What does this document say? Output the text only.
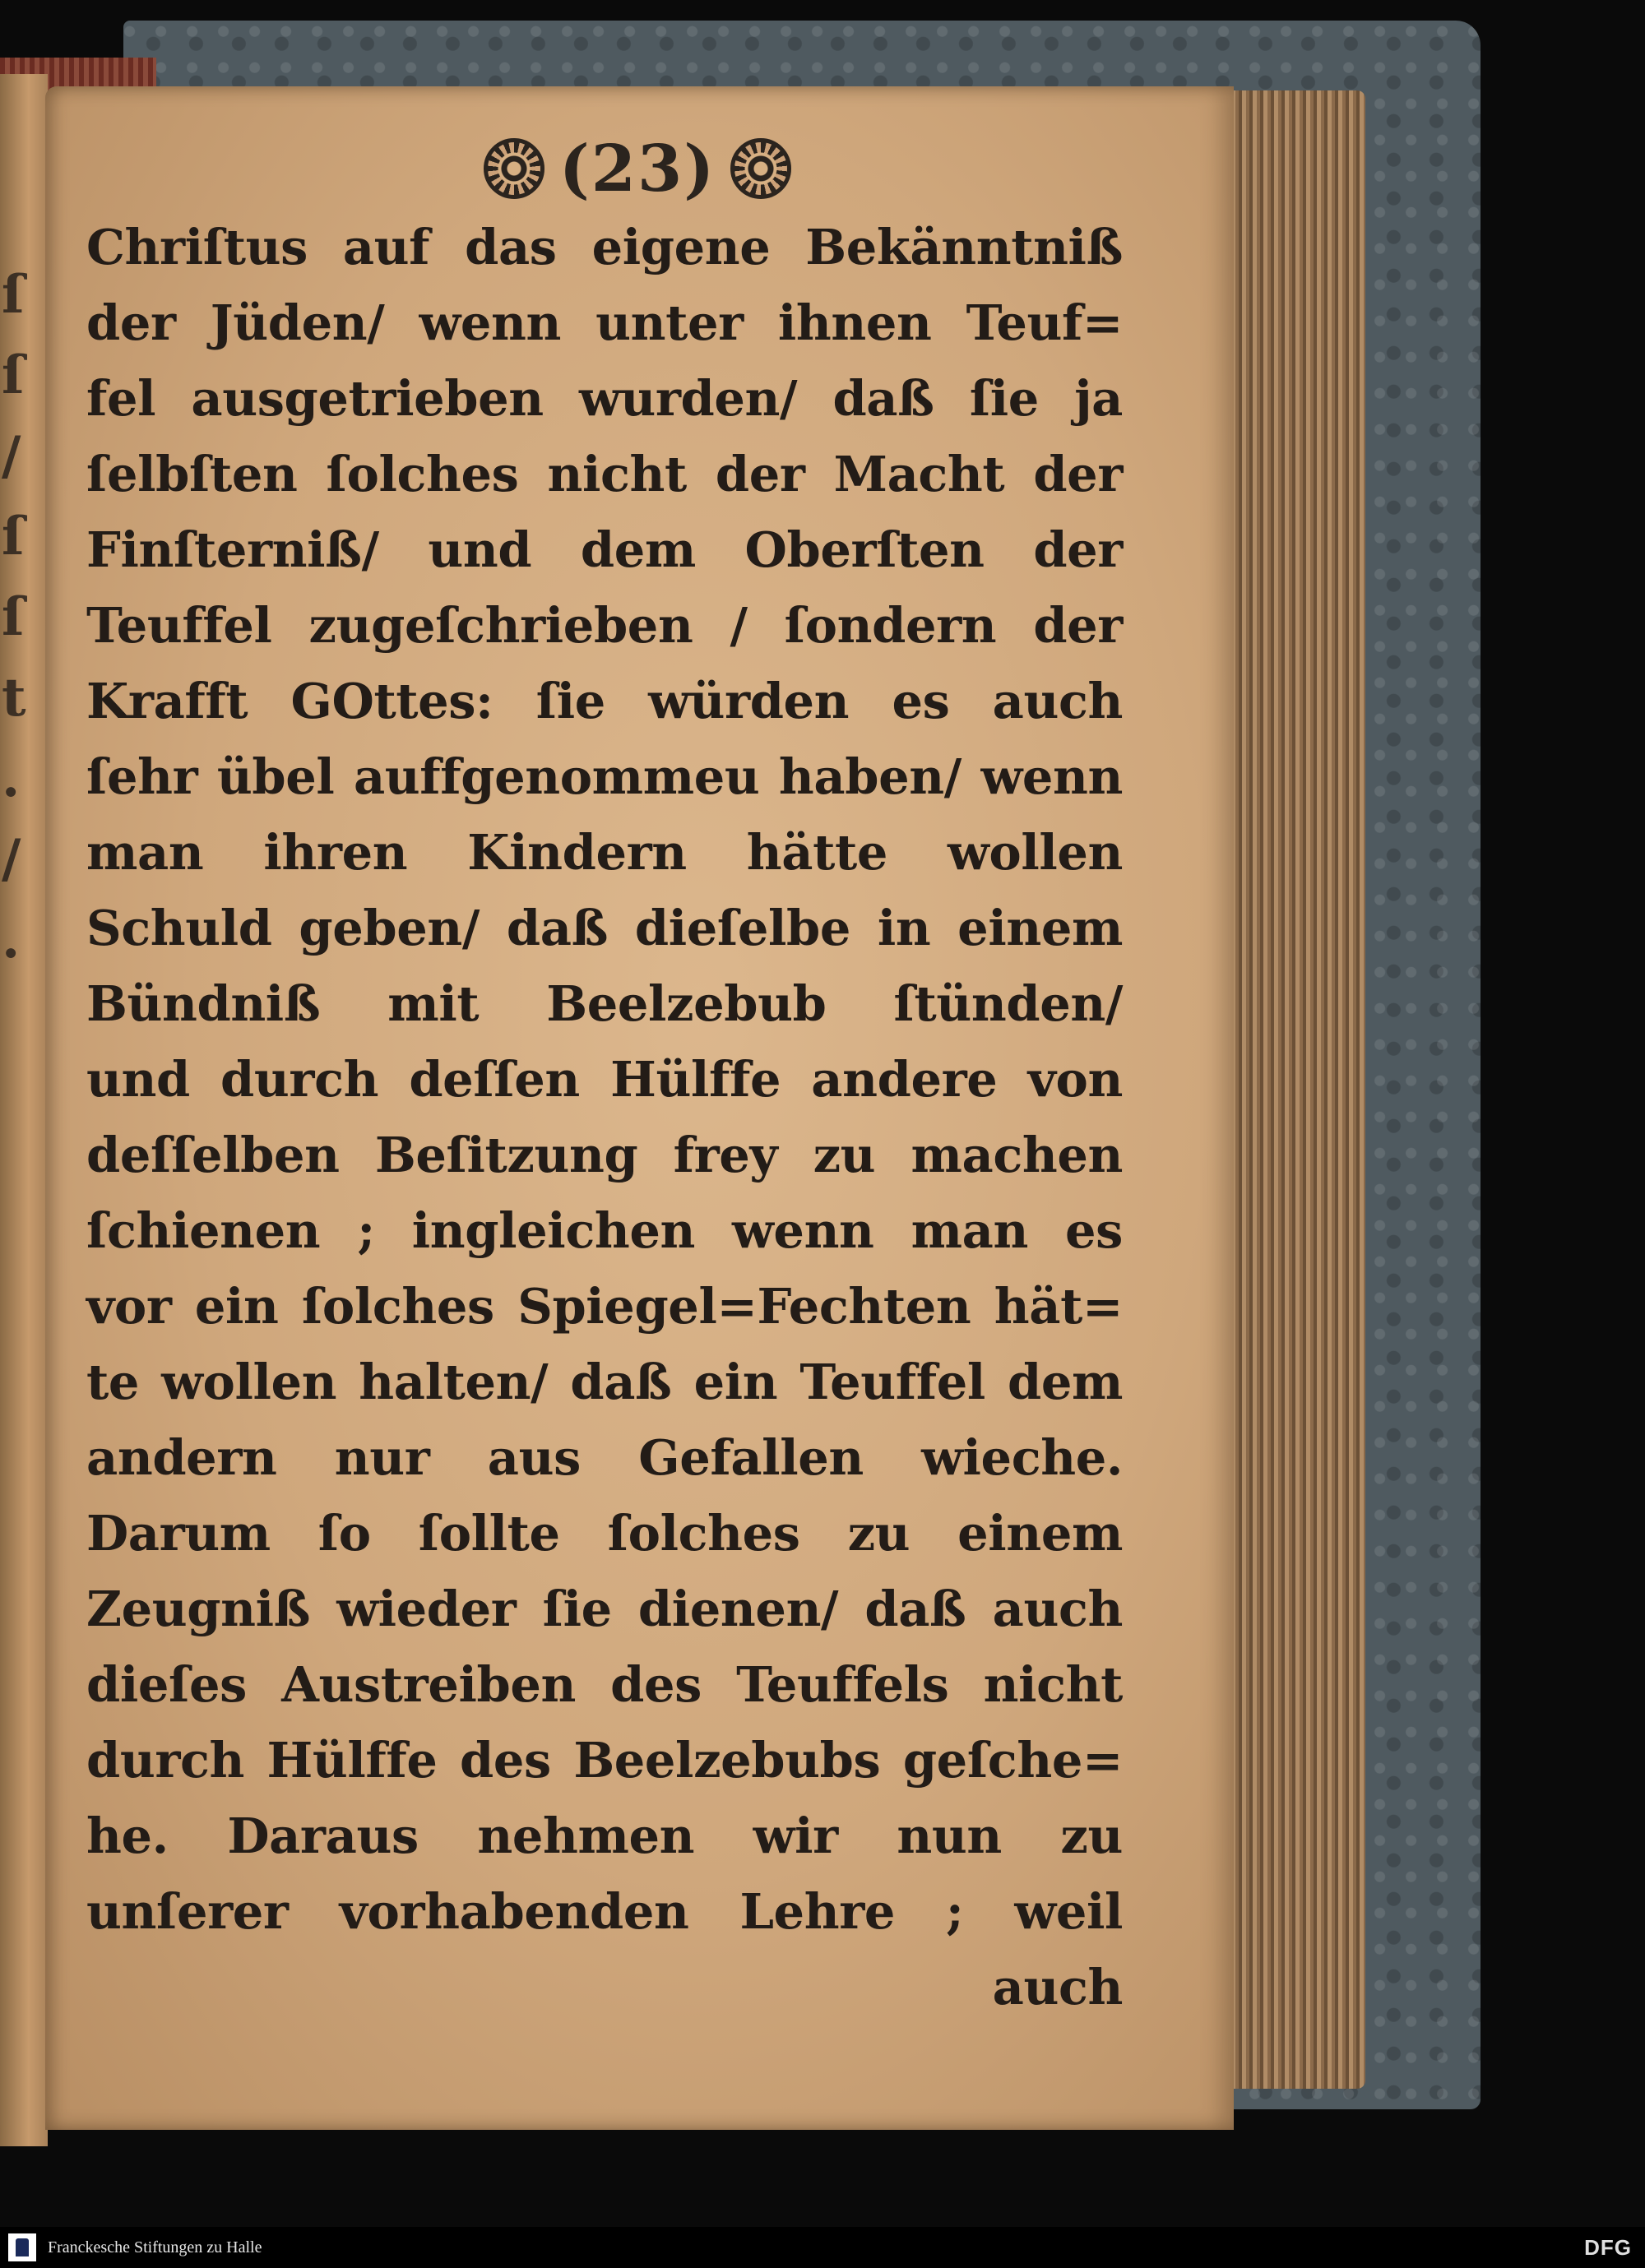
ſ
ſ
/
ſ
ſ
t
.
/
.
(23)
Chriſtus auf das eigene Bekänntniß
der Jüden/ wenn unter ihnen Teuf=
fel ausgetrieben wurden/ daß ſie ja
ſelbſten ſolches nicht der Macht der
Finſterniß/ und dem Oberſten der
Teuffel zugeſchrieben / ſondern der
Krafft GOttes: ſie würden es auch
ſehr übel auffgenommeu haben/ wenn
man ihren Kindern hätte wollen
Schuld geben/ daß dieſelbe in einem
Bündniß mit Beelzebub ſtünden/
und durch deſſen Hülffe andere von
deſſelben Beſitzung frey zu machen
ſchienen ; ingleichen wenn man es
vor ein ſolches Spiegel=Fechten hät=
te wollen halten/ daß ein Teuffel dem
andern nur aus Gefallen wieche.
Darum ſo ſollte ſolches zu einem
Zeugniß wieder ſie dienen/ daß auch
dieſes Austreiben des Teuffels nicht
durch Hülffe des Beelzebubs geſche=
he. Daraus nehmen wir nun zu
unſerer vorhabenden Lehre ; weil
auch
Franckesche Stiftungen zu Halle	DFG
